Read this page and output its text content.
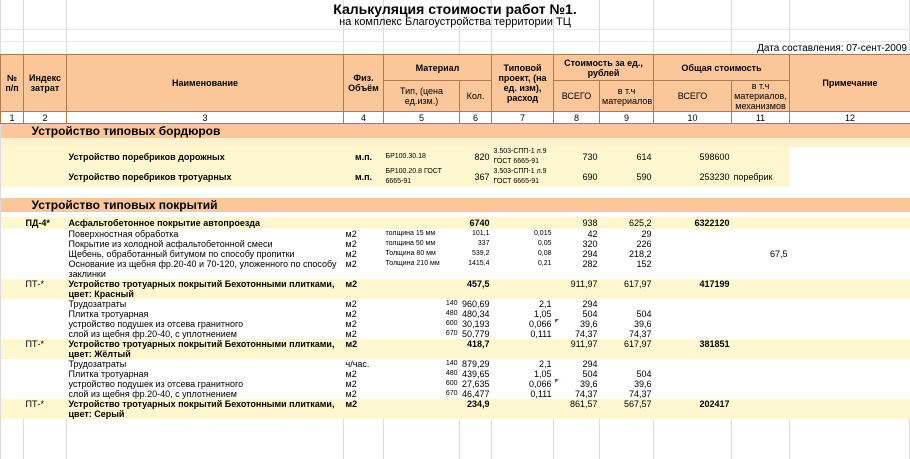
Калькуляция стоимости работ №1.
на комплекс Благоустройства территории ТЦ
Дата составления: 07-сент-2009
№ п/п	Индекс затрат	Наименование	Физ. Объём	Материал		Типовой проект, (на ед. изм), расход	Стоимость за ед., рублей		Общая стоимость		Примечание
				Тип, (цена ед.изм.)	Кол.		ВСЕГО	в т.ч материалов	ВСЕГО	в т.ч материалов, механизмов	
1	2	3	4	5	6	7	8	9	10	11	12
	Устройство типовых бордюров										

		Устройство поребриков дорожных	м.п.	БР100.30.18	820	3.503-СПП-1 л.9 ГОСТ 6665-91	730	614	598600		
		Устройство поребриков тротуарных	м.п.	БР100.20.8 ГОСТ 6665-91	367	3.503-СПП-1 л.9 ГОСТ 6665-91	690	590	253230	поребрик	

	Устройство типовых покрытий										

	ПД-4*	Асфальтобетонное покрытие автопроезда			6740		938	625,2	6322120		
		Поверхностная обработка	м2	толщина 15 мм	101,1	0,015	42	29			
		Покрытие из холодной асфальтобетонной смеси	м2	толщина 50 мм	337	0,05	320	226			
		Щебень, обработанный битумом по способу пропитки	м2	Толщина 80 мм	539,2	0,08	294	218,2		67,5	
		Основание из щебня фр.20-40 и 70-120, уложенного по способу заклинки	м2	Толщина 210 мм	1415,4	0,21	282	152			
	ПТ-*	Устройство тротуарных покрытий Бехотонными плитками, цвет: Красный	м2		457,5		911,97	617,97	417199		
		Трудозатраты	м2	140	960,69	2,1	294				
		Плитка тротуарная	м2	480	480,34	1,05	504	504			
		устройство подушек из отсева гранитного	м2	600	30,193	0,066	39,6	39,6			
		слой из щебня фр.20-40, с уплотнением	м2	670	50,779	0,111	74,37	74,37			
	ПТ-*	Устройство тротуарных покрытий Бехотонными плитками, цвет: Жёлтый	м2		418,7		911,97	617,97	381851		
		Трудозатраты	ч/час.	140	879,29	2,1	294				
		Плитка тротуарная	м2	480	439,65	1,05	504	504			
		устройство подушек из отсева гранитного	м2	600	27,635	0,066	39,6	39,6			
		слой из щебня фр.20-40, с уплотнением	м2	670	46,477	0,111	74,37	74,37			
	ПТ-*	Устройство тротуарных покрытий Бехотонными плитками, цвет: Серый	м2		234,9		861,57	567,57	202417		
